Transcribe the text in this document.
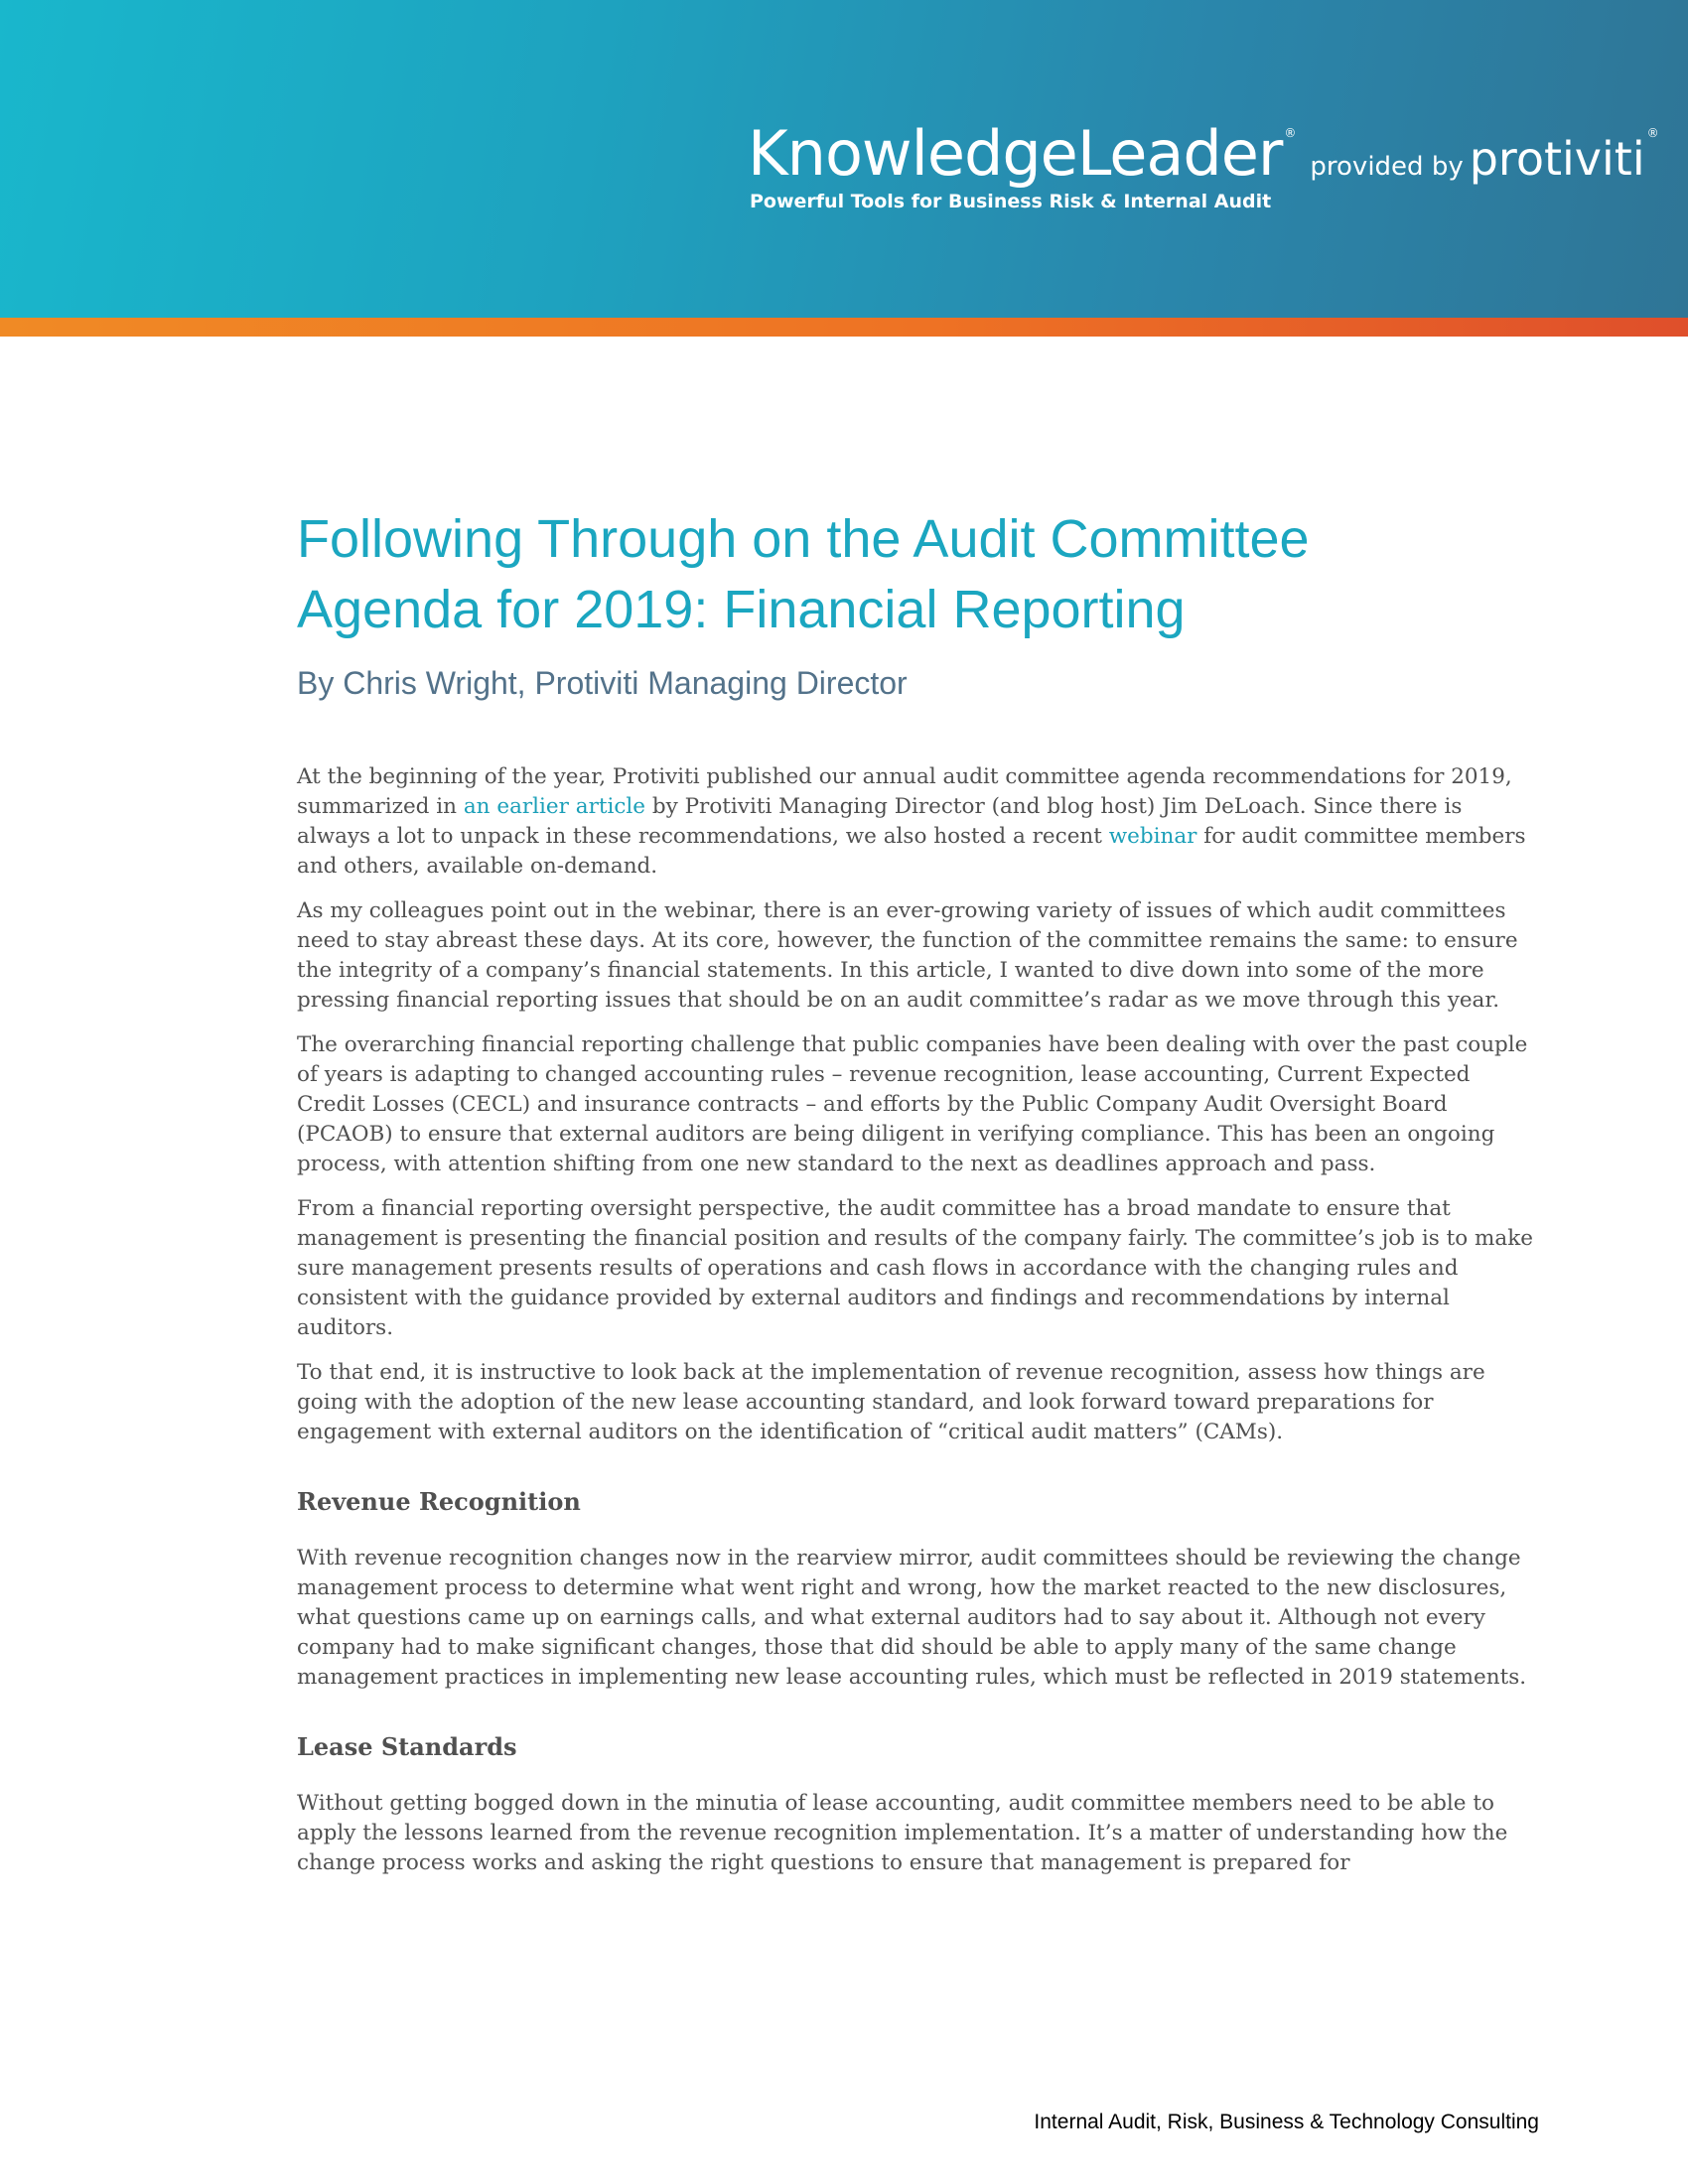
KnowledgeLeader ®provided by protiviti ®
Powerful Tools for Business Risk & Internal Audit
Following Through on the Audit Committee
Agenda for 2019: Financial Reporting

By Chris Wright, Protiviti Managing Director

At the beginning of the year, Protiviti published our annual audit committee agenda recommendations for 2019, summarized in an earlier article by Protiviti Managing Director (and blog host) Jim DeLoach. Since there is always a lot to unpack in these recommendations, we also hosted a recent webinar for audit committee members and others, available on-demand.

As my colleagues point out in the webinar, there is an ever-growing variety of issues of which audit committees need to stay abreast these days. At its core, however, the function of the committee remains the same: to ensure the integrity of a company’s financial statements. In this article, I wanted to dive down into some of the more pressing financial reporting issues that should be on an audit committee’s radar as we move through this year.

The overarching financial reporting challenge that public companies have been dealing with over the past couple of years is adapting to changed accounting rules – revenue recognition, lease accounting, Current Expected Credit Losses (CECL) and insurance contracts – and efforts by the Public Company Audit Oversight Board (PCAOB) to ensure that external auditors are being diligent in verifying compliance. This has been an ongoing process, with attention shifting from one new standard to the next as deadlines approach and pass.

From a financial reporting oversight perspective, the audit committee has a broad mandate to ensure that management is presenting the financial position and results of the company fairly. The committee’s job is to make sure management presents results of operations and cash flows in accordance with the changing rules and consistent with the guidance provided by external auditors and findings and recommendations by internal auditors.

To that end, it is instructive to look back at the implementation of revenue recognition, assess how things are going with the adoption of the new lease accounting standard, and look forward toward preparations for engagement with external auditors on the identification of “critical audit matters” (CAMs).

Revenue Recognition

With revenue recognition changes now in the rearview mirror, audit committees should be reviewing the change management process to determine what went right and wrong, how the market reacted to the new disclosures, what questions came up on earnings calls, and what external auditors had to say about it. Although not every company had to make significant changes, those that did should be able to apply many of the same change management practices in implementing new lease accounting rules, which must be reflected in 2019 statements.

Lease Standards

Without getting bogged down in the minutia of lease accounting, audit committee members need to be able to apply the lessons learned from the revenue recognition implementation. It’s a matter of understanding how the change process works and asking the right questions to ensure that management is prepared for

Internal Audit, Risk, Business & Technology Consulting
